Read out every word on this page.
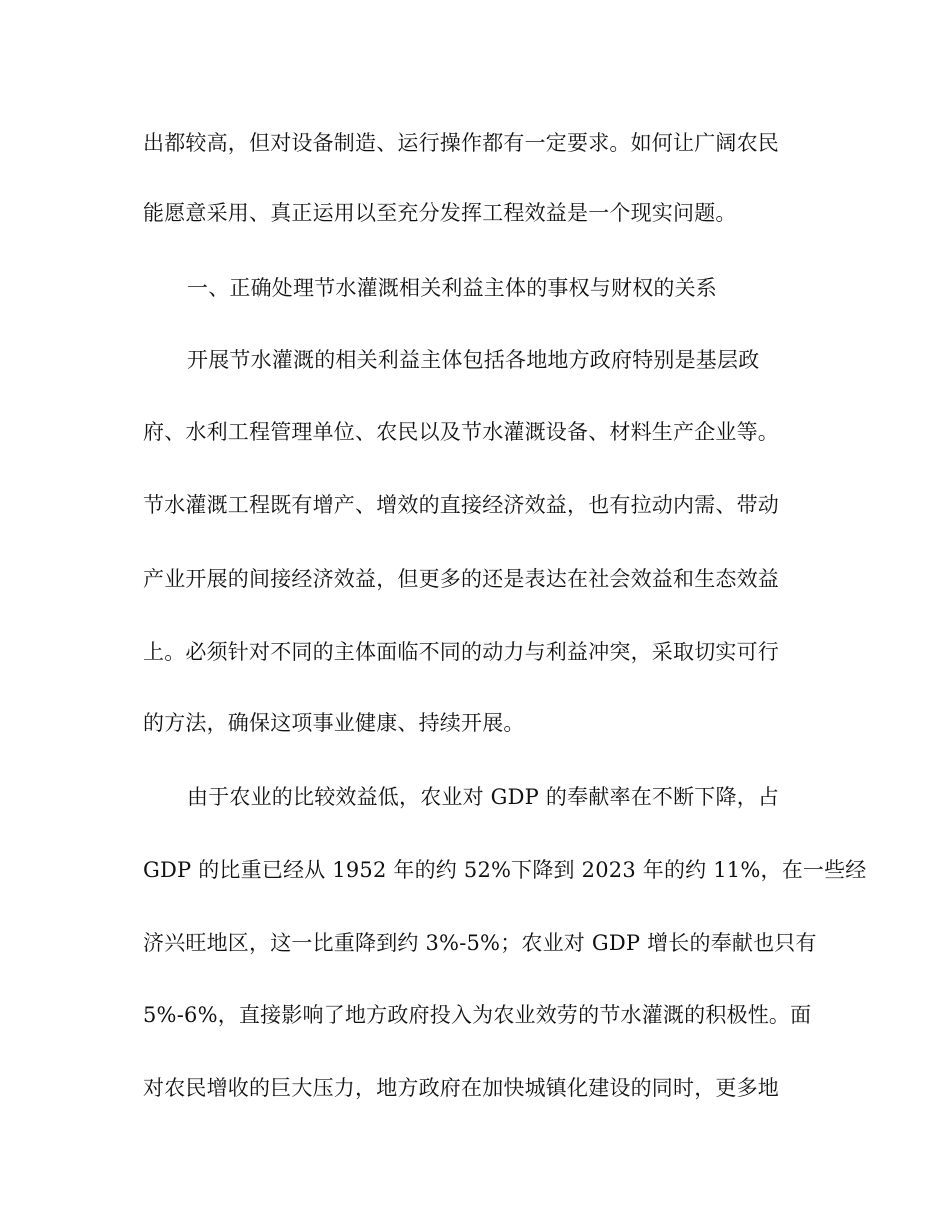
出都较高，但对设备制造、运行操作都有一定要求。如何让广阔农民
能愿意采用、真正运用以至充分发挥工程效益是一个现实问题。
一、正确处理节水灌溉相关利益主体的事权与财权的关系
开展节水灌溉的相关利益主体包括各地地方政府特别是基层政
府、水利工程管理单位、农民以及节水灌溉设备、材料生产企业等。
节水灌溉工程既有增产、增效的直接经济效益，也有拉动内需、带动
产业开展的间接经济效益，但更多的还是表达在社会效益和生态效益
上。必须针对不同的主体面临不同的动力与利益冲突，采取切实可行
的方法，确保这项事业健康、持续开展。
由于农业的比较效益低，农业对 GDP 的奉献率在不断下降，占
GDP 的比重已经从 1952 年的约 52%下降到 2023 年的约 11%，在一些经
济兴旺地区，这一比重降到约 3%-5%；农业对 GDP 增长的奉献也只有
5%-6%，直接影响了地方政府投入为农业效劳的节水灌溉的积极性。面
对农民增收的巨大压力，地方政府在加快城镇化建设的同时，更多地
